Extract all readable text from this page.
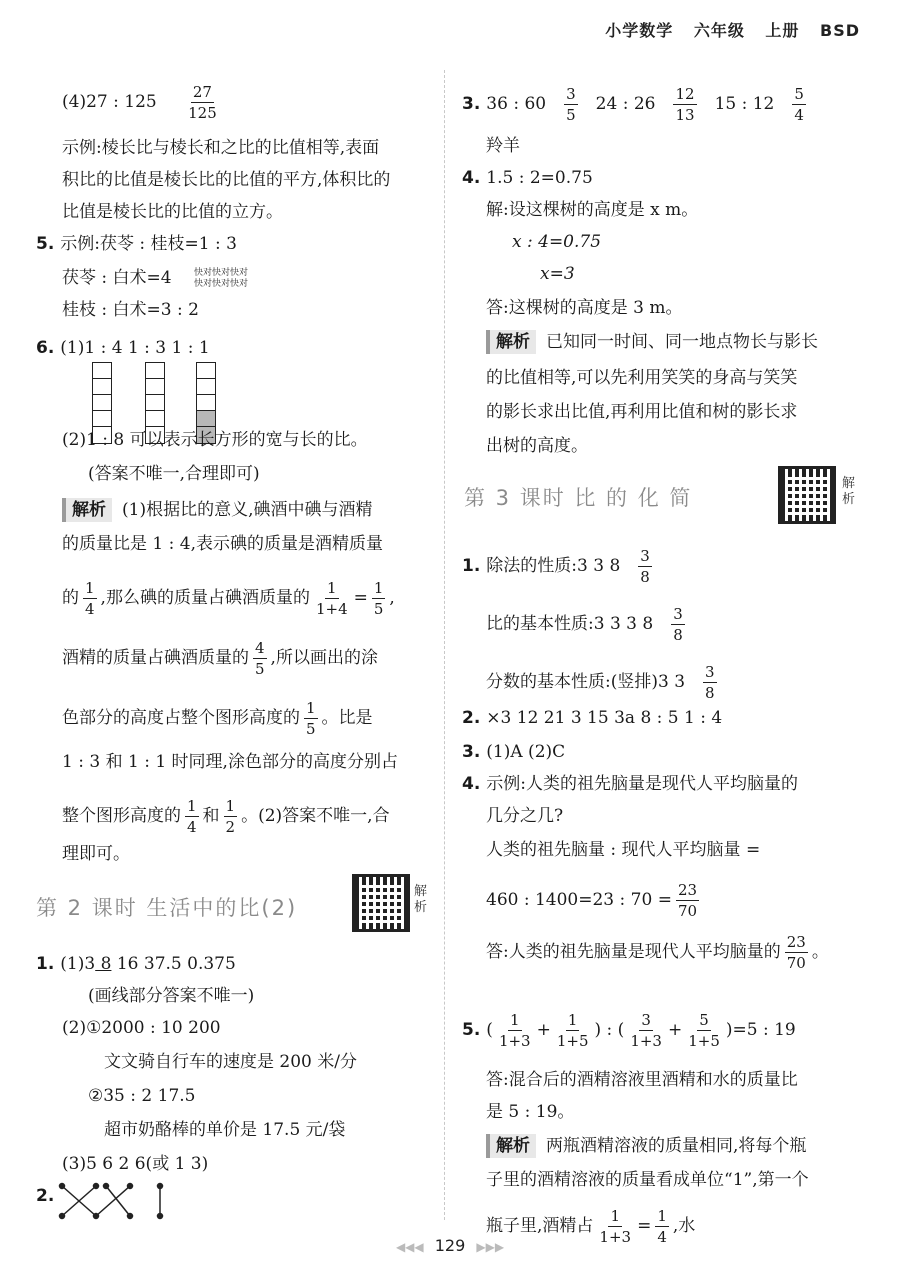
小学数学 六年级 上册 BSD
(4)27 : $125 \frac{27}{125}$
示例:棱长比与棱长和之比的比值相等,表面
积比的比值是棱长比的比值的平方,体积比的
比值是棱长比的比值的立方。
5. 示例:茯苓 : 桂枝=1 : 3
茯苓 : 白术=4 快对快对快对
快对快对快对
桂枝 : 白术=3 : 2
6. (1)1 : 4 1 : 3 1 : 1
(2)1 : 8 可以表示长方形的宽与长的比。
(答案不唯一,合理即可)
解析 (1)根据比的意义,碘酒中碘与酒精
的质量比是 1 : 4,表示碘的质量是酒精质量
的 $\frac{1}{4}$ ,那么碘的质量占碘酒质量的 $\frac{1}{1+4} = \frac{1}{5}$ ,
酒精的质量占碘酒质量的 $\frac{4}{5}$ ,所以画出的涂
色部分的高度占整个图形高度的 $\frac{1}{5}$ 。比是
1 : 3 和 1 : 1 时同理,涂色部分的高度分别占
整个图形高度的 $\frac{1}{4}$ 和 $\frac{1}{2}$ 。(2)答案不唯一,合
理即可。
第 2 课时 生活中的比(2)
解析
1. (1)3 8 16 37.5 0.375
(画线部分答案不唯一)
(2)①2000 : 10 200
文文骑自行车的速度是 200 米/分
②35 : 2 17.5
超市奶酪棒的单价是 17.5 元/袋
(3)5 6 2 6(或 1 3)
2.
3. 36 : $60 \frac{3}{5} 24$ : $26 \frac{12}{13} 15$ : $12 \frac{5}{4}$
羚羊
4. 1.5 : 2=0.75
解:设这棵树的高度是 x m。
x : 4=0.75
x=3
答:这棵树的高度是 3 m。
解析 已知同一时间、同一地点物长与影长
的比值相等,可以先利用笑笑的身高与笑笑
的影长求出比值,再利用比值和树的影长求
出树的高度。
第 3 课时 比 的 化 简
解析
1. 除法的性质:3 3 $8 \frac{3}{8}$
比的基本性质:3 3 3 $8 \frac{3}{8}$
分数的基本性质:(竖排)3 $3 \frac{3}{8}$
2. ×3 12 21 3 15 3a 8 : 5 1 : 4
3. (1)A (2)C
4. 示例:人类的祖先脑量是现代人平均脑量的
几分之几?
人类的祖先脑量 : 现代人平均脑量 =
460 : 1400=23 : $70 = \frac{23}{70}$
答:人类的祖先脑量是现代人平均脑量的 $\frac{23}{70}$ 。
5. ( $\frac{1}{1+3} + \frac{1}{1+5}$ ) : ( $\frac{3}{1+3} + \frac{5}{1+5} )=5$ : 19
答:混合后的酒精溶液里酒精和水的质量比
是 5 : 19。
解析 两瓶酒精溶液的质量相同,将每个瓶
子里的酒精溶液的质量看成单位“1”,第一个
瓶子里,酒精占 $\frac{1}{1+3} = \frac{1}{4}$ ,水
◀◀◀ 129 ▶▶▶
